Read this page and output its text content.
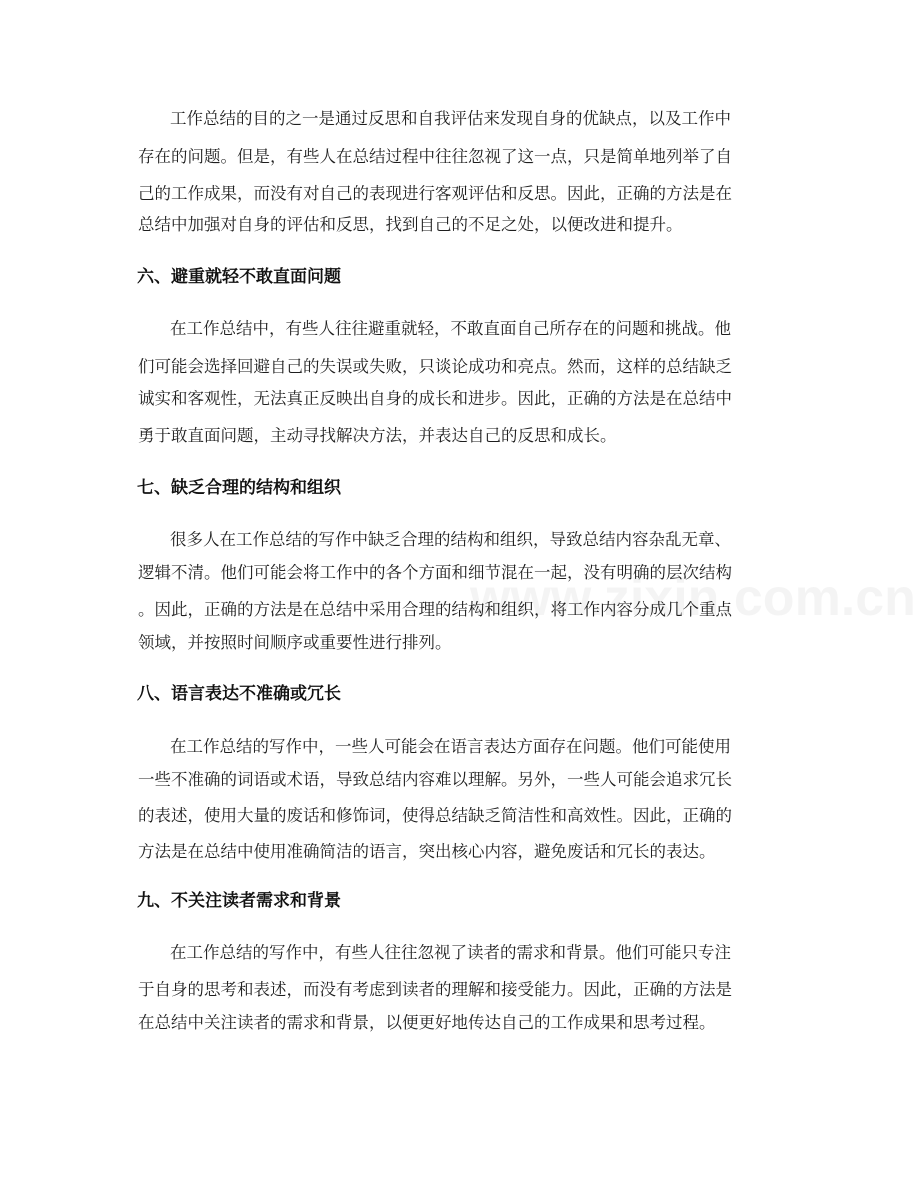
工作总结的目的之一是通过反思和自我评估来发现自身的优缺点，以及工作中
存在的问题。但是，有些人在总结过程中往往忽视了这一点，只是简单地列举了自
己的工作成果，而没有对自己的表现进行客观评估和反思。因此，正确的方法是在
总结中加强对自身的评估和反思，找到自己的不足之处，以便改进和提升。
六、避重就轻不敢直面问题
在工作总结中，有些人往往避重就轻，不敢直面自己所存在的问题和挑战。他
们可能会选择回避自己的失误或失败，只谈论成功和亮点。然而，这样的总结缺乏
诚实和客观性，无法真正反映出自身的成长和进步。因此，正确的方法是在总结中
勇于敢直面问题，主动寻找解决方法，并表达自己的反思和成长。
七、缺乏合理的结构和组织
很多人在工作总结的写作中缺乏合理的结构和组织，导致总结内容杂乱无章、
逻辑不清。他们可能会将工作中的各个方面和细节混在一起，没有明确的层次结构
。因此，正确的方法是在总结中采用合理的结构和组织，将工作内容分成几个重点
领域，并按照时间顺序或重要性进行排列。
八、语言表达不准确或冗长
在工作总结的写作中，一些人可能会在语言表达方面存在问题。他们可能使用
一些不准确的词语或术语，导致总结内容难以理解。另外，一些人可能会追求冗长
的表述，使用大量的废话和修饰词，使得总结缺乏简洁性和高效性。因此，正确的
方法是在总结中使用准确简洁的语言，突出核心内容，避免废话和冗长的表达。
九、不关注读者需求和背景
在工作总结的写作中，有些人往往忽视了读者的需求和背景。他们可能只专注
于自身的思考和表述，而没有考虑到读者的理解和接受能力。因此，正确的方法是
在总结中关注读者的需求和背景，以便更好地传达自己的工作成果和思考过程。
